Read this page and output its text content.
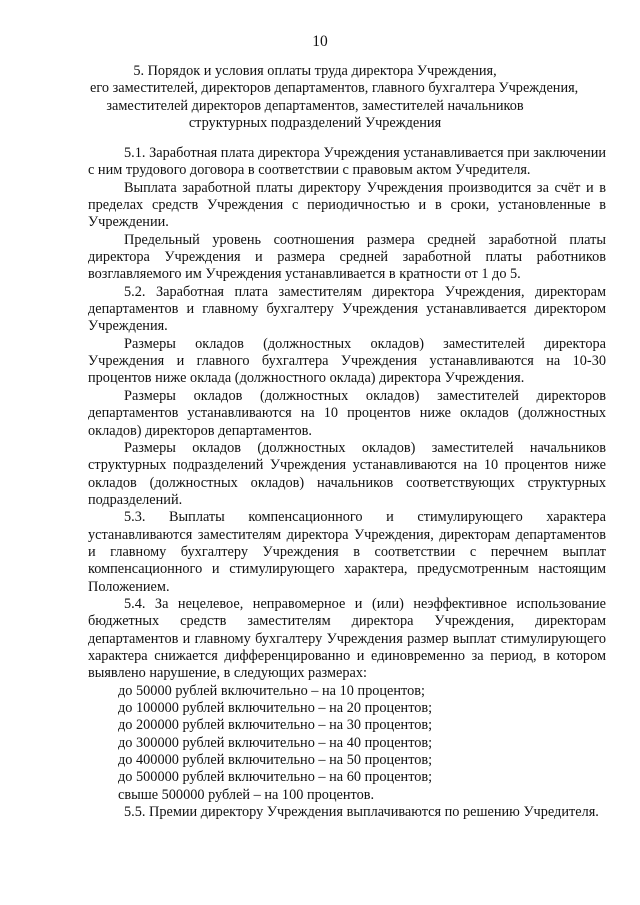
10
5. Порядок и условия оплаты труда директора Учреждения,
его заместителей, директоров департаментов, главного бухгалтера Учреждения,
заместителей директоров департаментов, заместителей начальников
структурных подразделений Учреждения

5.1. Заработная плата директора Учреждения устанавливается при заключении с ним трудового договора в соответствии с правовым актом Учредителя.

Выплата заработной платы директору Учреждения производится за счёт и в пределах средств Учреждения с периодичностью и в сроки, установленные в Учреждении.

Предельный уровень соотношения размера средней заработной платы директора Учреждения и размера средней заработной платы работников возглавляемого им Учреждения устанавливается в кратности от 1 до 5.

5.2. Заработная плата заместителям директора Учреждения, директорам департаментов и главному бухгалтеру Учреждения устанавливается директором Учреждения.

Размеры окладов (должностных окладов) заместителей директора Учреждения и главного бухгалтера Учреждения устанавливаются на 10-30 процентов ниже оклада (должностного оклада) директора Учреждения.

Размеры окладов (должностных окладов) заместителей директоров департаментов устанавливаются на 10 процентов ниже окладов (должностных окладов) директоров департаментов.

Размеры окладов (должностных окладов) заместителей начальников структурных подразделений Учреждения устанавливаются на 10 процентов ниже окладов (должностных окладов) начальников соответствующих структурных подразделений.

5.3. Выплаты компенсационного и стимулирующего характера устанавливаются заместителям директора Учреждения, директорам департаментов и главному бухгалтеру Учреждения в соответствии с перечнем выплат компенсационного и стимулирующего характера, предусмотренным настоящим Положением.

5.4. За нецелевое, неправомерное и (или) неэффективное использование бюджетных средств заместителям директора Учреждения, директорам департаментов и главному бухгалтеру Учреждения размер выплат стимулирующего характера снижается дифференцированно и единовременно за период, в котором выявлено нарушение, в следующих размерах:

до 50000 рублей включительно – на 10 процентов;
до 100000 рублей включительно – на 20 процентов;
до 200000 рублей включительно – на 30 процентов;
до 300000 рублей включительно – на 40 процентов;
до 400000 рублей включительно – на 50 процентов;
до 500000 рублей включительно – на 60 процентов;
свыше 500000 рублей – на 100 процентов.

5.5. Премии директору Учреждения выплачиваются по решению Учредителя.
